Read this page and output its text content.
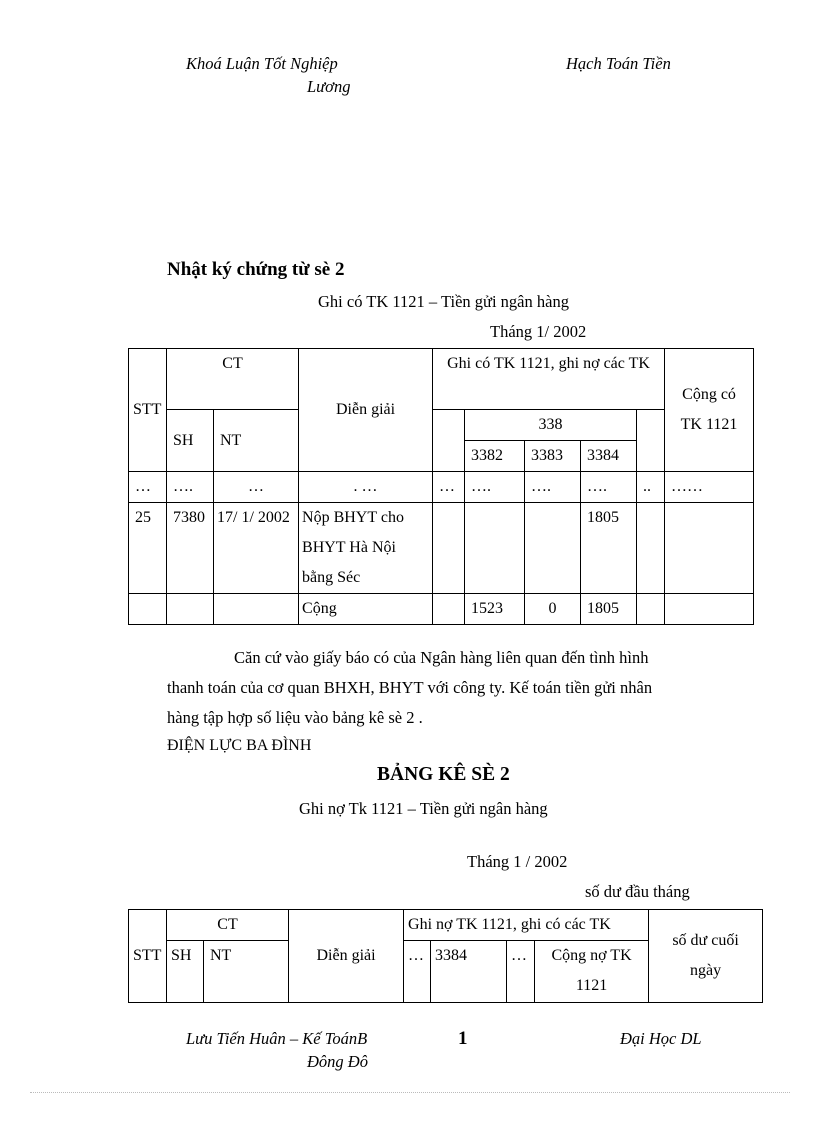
Khoá Luận Tốt Nghiệp
Lương
Hạch Toán Tiền
Nhật ký chứng từ sè 2
Ghi có TK 1121 – Tiền gửi ngân hàng
Tháng 1/ 2002
STT	CT		Diễn giải	Ghi có TK 1121, ghi nợ các TK					Cộng có TK 1121
	SH	NT			338				
					3382	3383	3384		
…	….	…	. …	…	….	….	….	..	……
25	7380	17/ 1/ 2002	Nộp BHYT cho BHYT Hà Nội bằng Séc				1805		
			Cộng		1523	0	1805		
Căn cứ vào giấy báo có của Ngân hàng liên quan đến tình hình
thanh toán của cơ quan BHXH, BHYT với công ty. Kế toán tiền gửi nhân
hàng tập hợp số liệu vào bảng kê sè 2 .
ĐIỆN LỰC BA ĐÌNH
BẢNG KÊ SÈ 2
Ghi nợ Tk 1121 – Tiền gửi ngân hàng
Tháng 1 / 2002
số dư đầu tháng
STT	CT		Diễn giải	Ghi nợ TK 1121, ghi có các TK				số dư cuối ngày
	SH	NT		…	3384	…	Cộng nợ TK 1121	
Lưu Tiến Huân – Kế ToánB
Đông Đô
1	Đại Học DL
